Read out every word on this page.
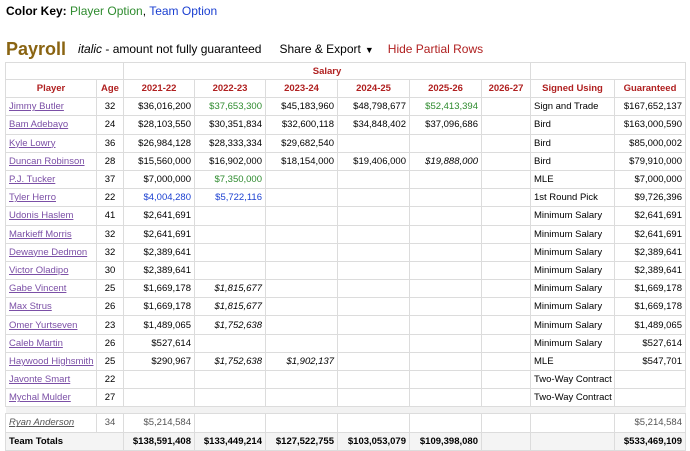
Color Key: Player Option, Team Option
Payroll italic - amount not fully guaranteed Share & Export ▼ Hide Partial Rows
		Salary							
Player	Age	2021-22	2022-23	2023-24	2024-25	2025-26	2026-27	Signed Using	Guaranteed
Jimmy Butler	32	$36,016,200	$37,653,300	$45,183,960	$48,798,677	$52,413,394		Sign and Trade	$167,652,137
Bam Adebayo	24	$28,103,550	$30,351,834	$32,600,118	$34,848,402	$37,096,686		Bird	$163,000,590
Kyle Lowry	36	$26,984,128	$28,333,334	$29,682,540				Bird	$85,000,002
Duncan Robinson	28	$15,560,000	$16,902,000	$18,154,000	$19,406,000	$19,888,000		Bird	$79,910,000
P.J. Tucker	37	$7,000,000	$7,350,000					MLE	$7,000,000
Tyler Herro	22	$4,004,280	$5,722,116					1st Round Pick	$9,726,396
Udonis Haslem	41	$2,641,691						Minimum Salary	$2,641,691
Markieff Morris	32	$2,641,691						Minimum Salary	$2,641,691
Dewayne Dedmon	32	$2,389,641						Minimum Salary	$2,389,641
Victor Oladipo	30	$2,389,641						Minimum Salary	$2,389,641
Gabe Vincent	25	$1,669,178	$1,815,677					Minimum Salary	$1,669,178
Max Strus	26	$1,669,178	$1,815,677					Minimum Salary	$1,669,178
Omer Yurtseven	23	$1,489,065	$1,752,638					Minimum Salary	$1,489,065
Caleb Martin	26	$527,614						Minimum Salary	$527,614
Haywood Highsmith	25	$290,967	$1,752,638	$1,902,137				MLE	$547,701
Javonte Smart	22							Two-Way Contract	
Mychal Mulder	27							Two-Way Contract	

Ryan Anderson	34	$5,214,584							$5,214,584
Team Totals		$138,591,408	$133,449,214	$127,522,755	$103,053,079	$109,398,080			$533,469,109
